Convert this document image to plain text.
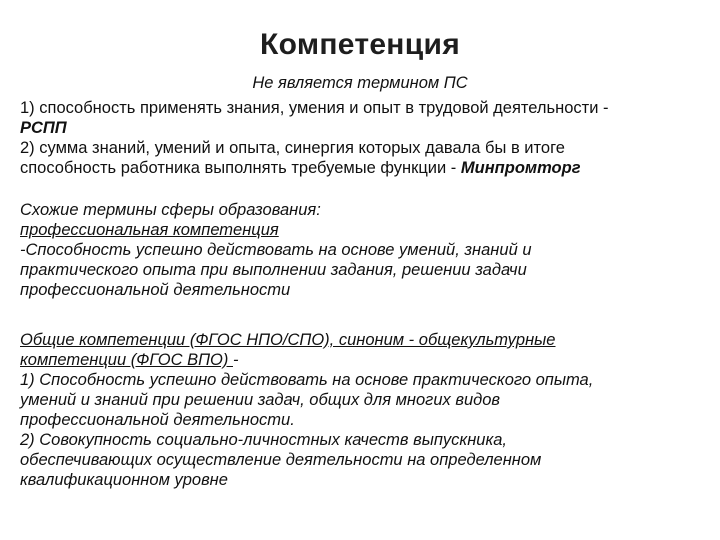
Компетенция
Не является термином ПС
1) способность применять знания, умения и опыт в трудовой деятельности -
РСПП
2) сумма знаний, умений и опыта, синергия которых давала бы в итоге
способность работника выполнять требуемые функции - Минпромторг
Схожие термины сферы образования:
профессиональная компетенция
-Способность успешно действовать на основе умений, знаний и
практического опыта при выполнении задания, решении задачи
профессиональной деятельности
Общие компетенции (ФГОС НПО/СПО), синоним - общекультурные
компетенции (ФГОС ВПО) -
1) Способность успешно действовать на основе практического опыта,
умений и знаний при решении задач, общих для многих видов
профессиональной деятельности.
2) Совокупность социально-личностных качеств выпускника,
обеспечивающих осуществление деятельности на определенном
квалификационном уровне
